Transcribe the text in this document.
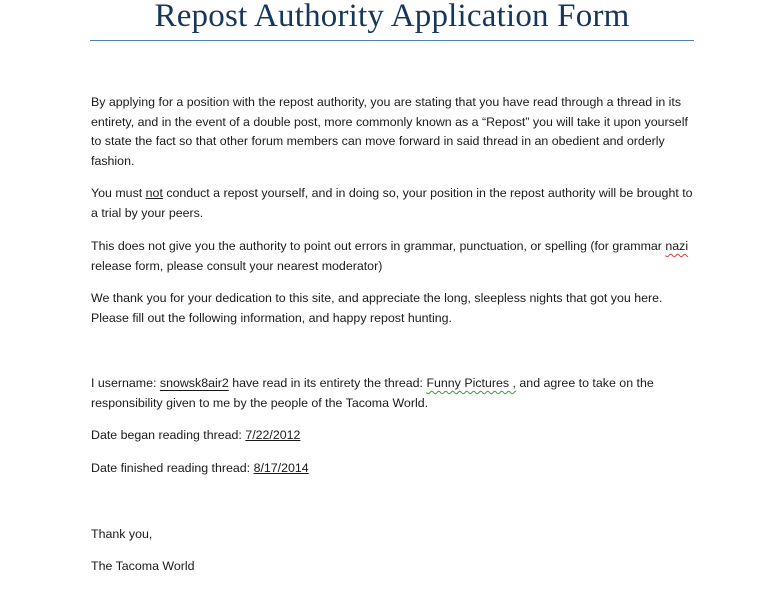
Repost Authority Application Form

By applying for a position with the repost authority, you are stating that you have read through a thread in its entirety, and in the event of a double post, more commonly known as a “Repost” you will take it upon yourself to state the fact so that other forum members can move forward in said thread in an obedient and orderly fashion.

You must not conduct a repost yourself, and in doing so, your position in the repost authority will be brought to a trial by your peers.

This does not give you the authority to point out errors in grammar, punctuation, or spelling (for grammar nazi release form, please consult your nearest moderator)

We thank you for your dedication to this site, and appreciate the long, sleepless nights that got you here. Please fill out the following information, and happy repost hunting.

I username: snowsk8air2 have read in its entirety the thread: Funny Pictures , and agree to take on the responsibility given to me by the people of the Tacoma World.

Date began reading thread: 7/22/2012

Date finished reading thread: 8/17/2014

Thank you,

The Tacoma World
